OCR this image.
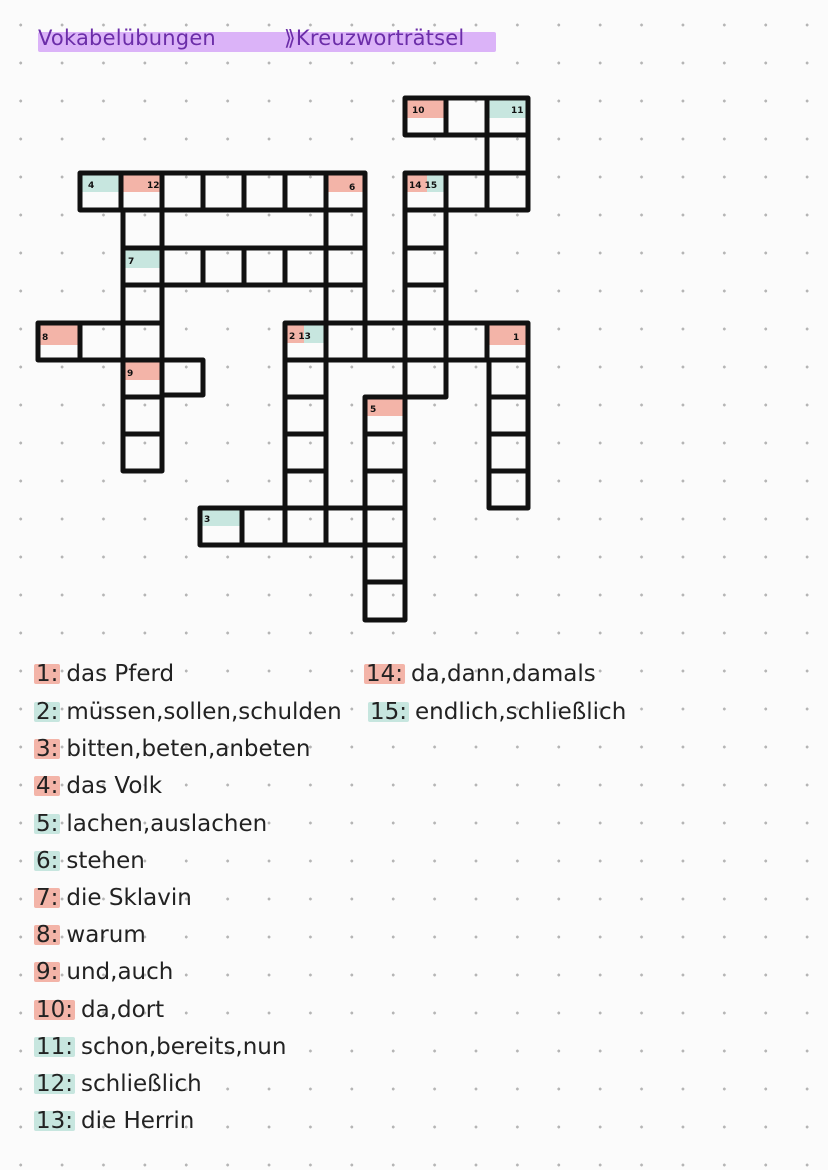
Vokabelübungen	⟫Kreuzworträtsel
10	11
4	12	6	14 15
7
8	2 13	1
9
5
3
1: das Pferd
2: müssen,sollen,schulden
3: bitten,beten,anbeten
4: das Volk
5: lachen,auslachen
6: stehen
7: die Sklavin
8: warum
9: und,auch
10: da,dort
11: schon,bereits,nun
12: schließlich
13: die Herrin
14: da,dann,damals
15: endlich,schließlich
